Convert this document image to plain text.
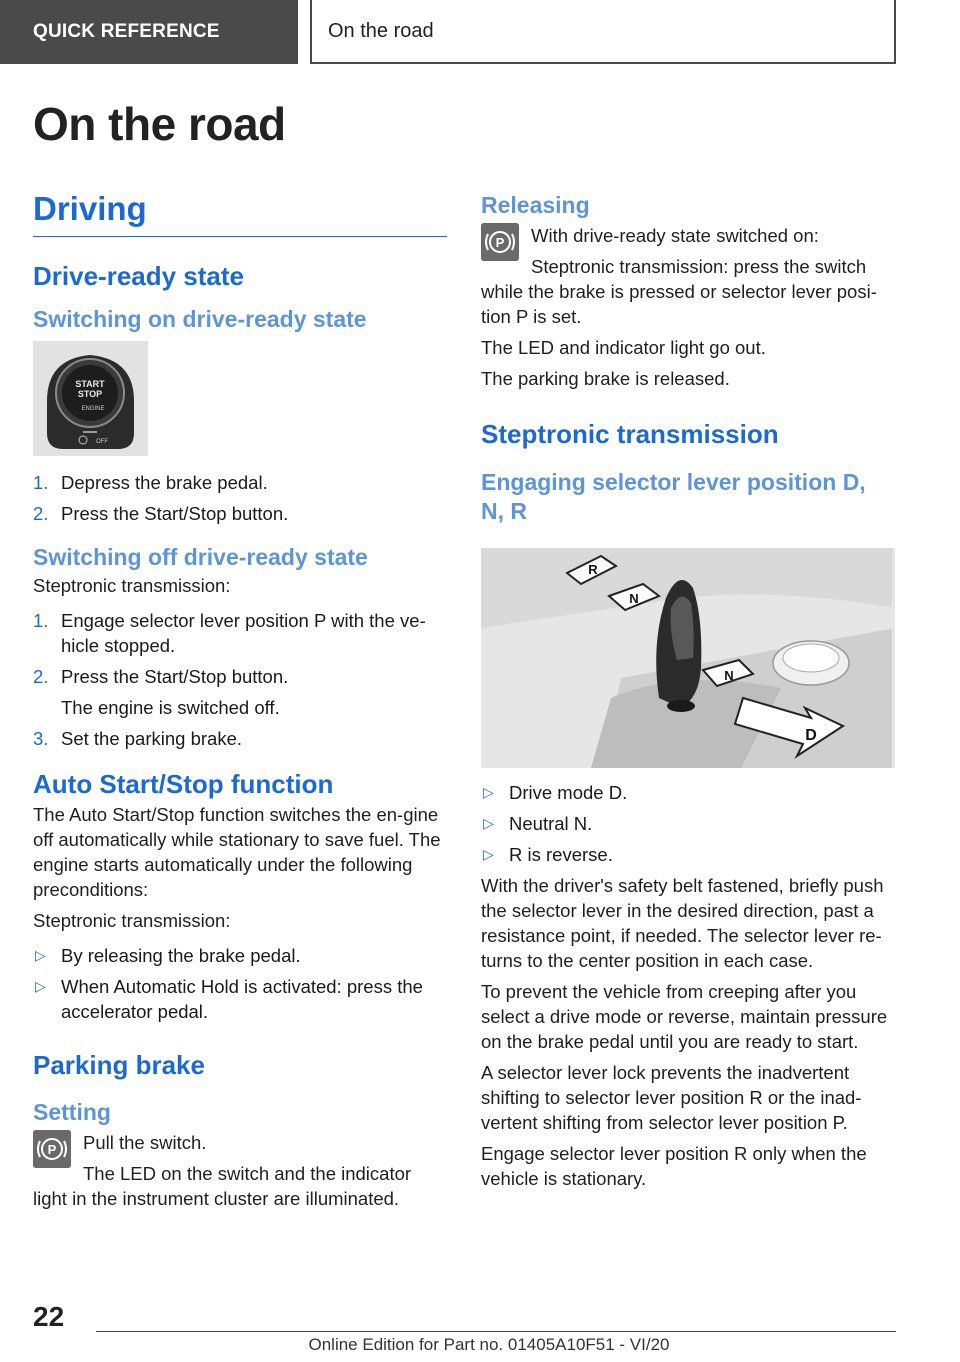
QUICK REFERENCE	On the road
On the road
Driving
Drive-ready state
Switching on drive-ready state
START
STOP
ENGINE
OFF
1. Depress the brake pedal.
2. Press the Start/Stop button.
Switching off drive-ready state

Steptronic transmission:

1. Engage selector lever position P with the ve-hicle stopped.
2. Press the Start/Stop button.
The engine is switched off.
3. Set the parking brake.
Auto Start/Stop function

The Auto Start/Stop function switches the en-gine off automatically while stationary to save fuel. The engine starts automatically under the following preconditions:

Steptronic transmission:

▷ By releasing the brake pedal.
▷ When Automatic Hold is activated: press the accelerator pedal.
Parking brake
Setting
P	Pull the switch.

The LED on the switch and the indicator light in the instrument cluster are illuminated.

Releasing
P	With drive-ready state switched on:

Steptronic transmission: press the switch while the brake is pressed or selector lever posi-tion P is set.

The LED and indicator light go out.

The parking brake is released.

Steptronic transmission
Engaging selector lever position D, N, R
R
N
N
D
▷ Drive mode D.
▷ Neutral N.
▷ R is reverse.

With the driver's safety belt fastened, briefly push the selector lever in the desired direction, past a resistance point, if needed. The selector lever re-turns to the center position in each case.

To prevent the vehicle from creeping after you select a drive mode or reverse, maintain pressure on the brake pedal until you are ready to start.

A selector lever lock prevents the inadvertent shifting to selector lever position R or the inad-vertent shifting from selector lever position P.

Engage selector lever position R only when the vehicle is stationary.

22
Online Edition for Part no. 01405A10F51 - VI/20
